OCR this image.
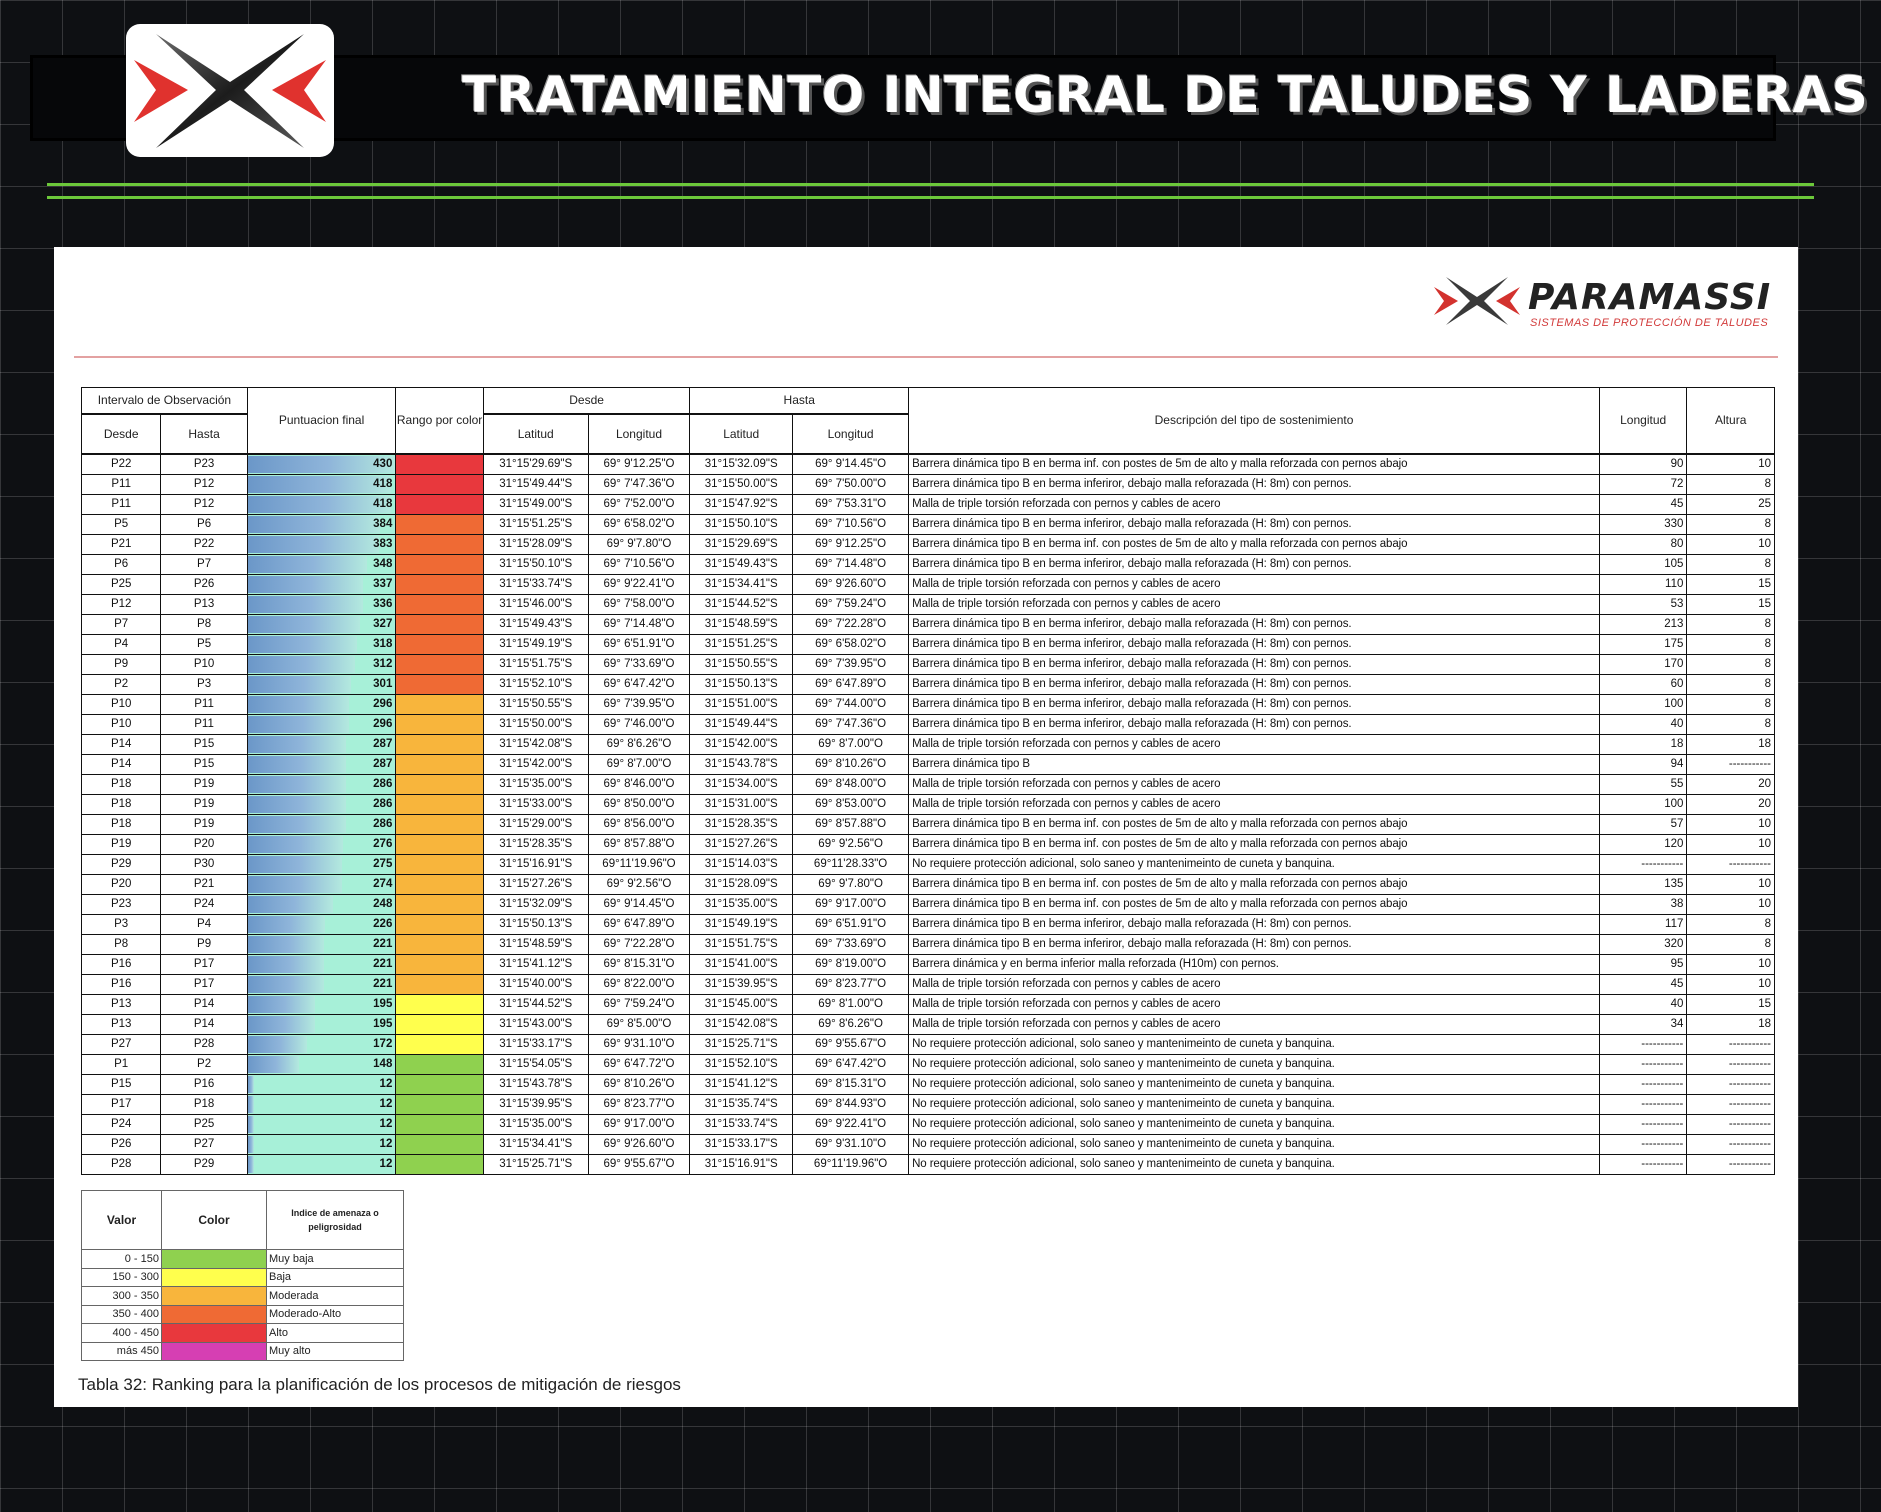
TRATAMIENTO INTEGRAL DE TALUDES Y LADERAS
PARAMASSI
SISTEMAS DE PROTECCIÓN DE TALUDES
Intervalo de Observación		Puntuacion final	Rango por color	Desde		Hasta		Descripción del tipo de sostenimiento	Longitud	Altura
Desde	Hasta			Latitud	Longitud	Latitud	Longitud			
P22	P23	430		31°15'29.69"S	69° 9'12.25"O	31°15'32.09"S	69° 9'14.45"O	Barrera dinámica tipo B en berma inf. con postes de 5m de alto y malla reforzada con pernos abajo	90	10
P11	P12	418		31°15'49.44"S	69° 7'47.36"O	31°15'50.00"S	69° 7'50.00"O	Barrera dinámica tipo B en berma inferiror, debajo malla reforazada (H: 8m) con pernos.	72	8
P11	P12	418		31°15'49.00"S	69° 7'52.00"O	31°15'47.92"S	69° 7'53.31"O	Malla de triple torsión reforzada con pernos y cables de acero	45	25
P5	P6	384		31°15'51.25"S	69° 6'58.02"O	31°15'50.10"S	69° 7'10.56"O	Barrera dinámica tipo B en berma inferiror, debajo malla reforazada (H: 8m) con pernos.	330	8
P21	P22	383		31°15'28.09"S	69° 9'7.80"O	31°15'29.69"S	69° 9'12.25"O	Barrera dinámica tipo B en berma inf. con postes de 5m de alto y malla reforzada con pernos abajo	80	10
P6	P7	348		31°15'50.10"S	69° 7'10.56"O	31°15'49.43"S	69° 7'14.48"O	Barrera dinámica tipo B en berma inferiror, debajo malla reforazada (H: 8m) con pernos.	105	8
P25	P26	337		31°15'33.74"S	69° 9'22.41"O	31°15'34.41"S	69° 9'26.60"O	Malla de triple torsión reforzada con pernos y cables de acero	110	15
P12	P13	336		31°15'46.00"S	69° 7'58.00"O	31°15'44.52"S	69° 7'59.24"O	Malla de triple torsión reforzada con pernos y cables de acero	53	15
P7	P8	327		31°15'49.43"S	69° 7'14.48"O	31°15'48.59"S	69° 7'22.28"O	Barrera dinámica tipo B en berma inferiror, debajo malla reforazada (H: 8m) con pernos.	213	8
P4	P5	318		31°15'49.19"S	69° 6'51.91"O	31°15'51.25"S	69° 6'58.02"O	Barrera dinámica tipo B en berma inferiror, debajo malla reforazada (H: 8m) con pernos.	175	8
P9	P10	312		31°15'51.75"S	69° 7'33.69"O	31°15'50.55"S	69° 7'39.95"O	Barrera dinámica tipo B en berma inferiror, debajo malla reforazada (H: 8m) con pernos.	170	8
P2	P3	301		31°15'52.10"S	69° 6'47.42"O	31°15'50.13"S	69° 6'47.89"O	Barrera dinámica tipo B en berma inferiror, debajo malla reforazada (H: 8m) con pernos.	60	8
P10	P11	296		31°15'50.55"S	69° 7'39.95"O	31°15'51.00"S	69° 7'44.00"O	Barrera dinámica tipo B en berma inferiror, debajo malla reforazada (H: 8m) con pernos.	100	8
P10	P11	296		31°15'50.00"S	69° 7'46.00"O	31°15'49.44"S	69° 7'47.36"O	Barrera dinámica tipo B en berma inferiror, debajo malla reforazada (H: 8m) con pernos.	40	8
P14	P15	287		31°15'42.08"S	69° 8'6.26"O	31°15'42.00"S	69° 8'7.00"O	Malla de triple torsión reforzada con pernos y cables de acero	18	18
P14	P15	287		31°15'42.00"S	69° 8'7.00"O	31°15'43.78"S	69° 8'10.26"O	Barrera dinámica tipo B	94	-----------
P18	P19	286		31°15'35.00"S	69° 8'46.00"O	31°15'34.00"S	69° 8'48.00"O	Malla de triple torsión reforzada con pernos y cables de acero	55	20
P18	P19	286		31°15'33.00"S	69° 8'50.00"O	31°15'31.00"S	69° 8'53.00"O	Malla de triple torsión reforzada con pernos y cables de acero	100	20
P18	P19	286		31°15'29.00"S	69° 8'56.00"O	31°15'28.35"S	69° 8'57.88"O	Barrera dinámica tipo B en berma inf. con postes de 5m de alto y malla reforzada con pernos abajo	57	10
P19	P20	276		31°15'28.35"S	69° 8'57.88"O	31°15'27.26"S	69° 9'2.56"O	Barrera dinámica tipo B en berma inf. con postes de 5m de alto y malla reforzada con pernos abajo	120	10
P29	P30	275		31°15'16.91"S	69°11'19.96"O	31°15'14.03"S	69°11'28.33"O	No requiere protección adicional, solo saneo y mantenimeinto de cuneta y banquina.	-----------	-----------
P20	P21	274		31°15'27.26"S	69° 9'2.56"O	31°15'28.09"S	69° 9'7.80"O	Barrera dinámica tipo B en berma inf. con postes de 5m de alto y malla reforzada con pernos abajo	135	10
P23	P24	248		31°15'32.09"S	69° 9'14.45"O	31°15'35.00"S	69° 9'17.00"O	Barrera dinámica tipo B en berma inf. con postes de 5m de alto y malla reforzada con pernos abajo	38	10
P3	P4	226		31°15'50.13"S	69° 6'47.89"O	31°15'49.19"S	69° 6'51.91"O	Barrera dinámica tipo B en berma inferiror, debajo malla reforazada (H: 8m) con pernos.	117	8
P8	P9	221		31°15'48.59"S	69° 7'22.28"O	31°15'51.75"S	69° 7'33.69"O	Barrera dinámica tipo B en berma inferiror, debajo malla reforazada (H: 8m) con pernos.	320	8
P16	P17	221		31°15'41.12"S	69° 8'15.31"O	31°15'41.00"S	69° 8'19.00"O	Barrera dinámica y en berma inferior malla reforzada (H10m) con pernos.	95	10
P16	P17	221		31°15'40.00"S	69° 8'22.00"O	31°15'39.95"S	69° 8'23.77"O	Malla de triple torsión reforzada con pernos y cables de acero	45	10
P13	P14	195		31°15'44.52"S	69° 7'59.24"O	31°15'45.00"S	69° 8'1.00"O	Malla de triple torsión reforzada con pernos y cables de acero	40	15
P13	P14	195		31°15'43.00"S	69° 8'5.00"O	31°15'42.08"S	69° 8'6.26"O	Malla de triple torsión reforzada con pernos y cables de acero	34	18
P27	P28	172		31°15'33.17"S	69° 9'31.10"O	31°15'25.71"S	69° 9'55.67"O	No requiere protección adicional, solo saneo y mantenimeinto de cuneta y banquina.	-----------	-----------
P1	P2	148		31°15'54.05"S	69° 6'47.72"O	31°15'52.10"S	69° 6'47.42"O	No requiere protección adicional, solo saneo y mantenimeinto de cuneta y banquina.	-----------	-----------
P15	P16	12		31°15'43.78"S	69° 8'10.26"O	31°15'41.12"S	69° 8'15.31"O	No requiere protección adicional, solo saneo y mantenimeinto de cuneta y banquina.	-----------	-----------
P17	P18	12		31°15'39.95"S	69° 8'23.77"O	31°15'35.74"S	69° 8'44.93"O	No requiere protección adicional, solo saneo y mantenimeinto de cuneta y banquina.	-----------	-----------
P24	P25	12		31°15'35.00"S	69° 9'17.00"O	31°15'33.74"S	69° 9'22.41"O	No requiere protección adicional, solo saneo y mantenimeinto de cuneta y banquina.	-----------	-----------
P26	P27	12		31°15'34.41"S	69° 9'26.60"O	31°15'33.17"S	69° 9'31.10"O	No requiere protección adicional, solo saneo y mantenimeinto de cuneta y banquina.	-----------	-----------
P28	P29	12		31°15'25.71"S	69° 9'55.67"O	31°15'16.91"S	69°11'19.96"O	No requiere protección adicional, solo saneo y mantenimeinto de cuneta y banquina.	-----------	-----------
Valor	Color	Indice de amenaza o peligrosidad
0 - 150		Muy baja
150 - 300		Baja
300 - 350		Moderada
350 - 400		Moderado-Alto
400 - 450		Alto
más 450		Muy alto
Tabla 32: Ranking para la planificación de los procesos de mitigación de riesgos
